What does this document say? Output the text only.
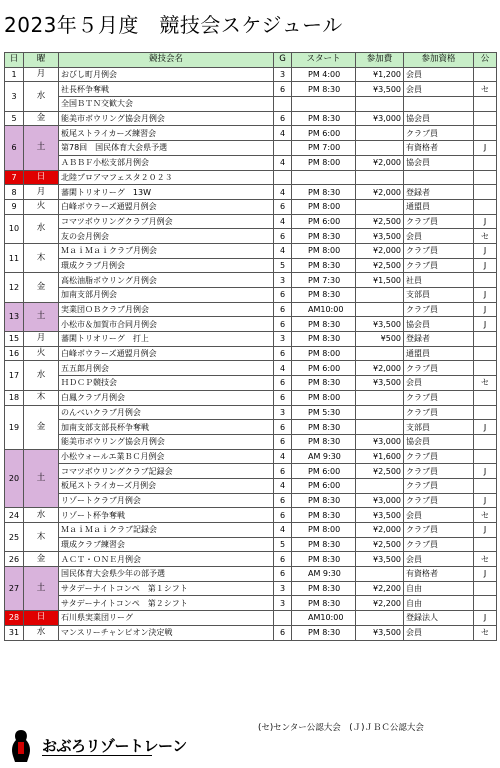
2023年５月度　競技会スケジュール
日	曜	競技会名	G	スタート	参加費	参加資格	公
1	月	おびし町月例会	3	PM 4:00	¥1,200	会員	
3	水	社長杯争奪戦	6	PM 8:30	¥3,500	会員	セ
		全国ＢＴＮ交歓大会					
5	金	能美市ボウリング協会月例会	6	PM 8:30	¥3,000	協会員	
6	土	板尾ストライカーズ練習会	4	PM 6:00		クラブ員	
		第78回　国民体育大会県予選		PM 7:00		有資格者	J
		ＡＢＢＦ小松支部月例会	4	PM 8:00	¥2,000	協会員	
7	日	北陸プロアマフェスタ２０２３					
8	月	蕃閑トリオリーグ　13W	4	PM 8:30	¥2,000	登録者	
9	火	白峰ボウラーズ通盟月例会	6	PM 8:00		通盟員	
10	水	コマツボウリングクラブ月例会	4	PM 6:00	¥2,500	クラブ員	J
		友の会月例会	6	PM 8:30	¥3,500	会員	セ
11	木	ＭａｉＭａｉクラブ月例会	4	PM 8:00	¥2,000	クラブ員	J
		環成クラブ月例会	5	PM 8:30	¥2,500	クラブ員	J
12	金	高松油脂ボウリング月例会	3	PM 7:30	¥1,500	社員	
		加南支部月例会	6	PM 8:30		支部員	J
13	土	実業団ＯＢクラブ月例会	6	AM10:00		クラブ員	J
		小松市＆加賀市合同月例会	6	PM 8:30	¥3,500	協会員	J
15	月	蕃閑トリオリーグ　打上	3	PM 8:30	¥500	登録者	
16	火	白峰ボウラーズ通盟月例会	6	PM 8:00		通盟員	
17	水	五五郎月例会	4	PM 6:00	¥2,000	クラブ員	
		ＨＤＣＰ競技会	6	PM 8:30	¥3,500	会員	セ
18	木	白鳳クラブ月例会	6	PM 8:00		クラブ員	
19	金	のんべいクラブ月例会	3	PM 5:30		クラブ員	
		加南支部支部長杯争奪戦	6	PM 8:30		支部員	J
		能美市ボウリング協会月例会	6	PM 8:30	¥3,000	協会員	
20	土	小松ウォールエ業ＢＣ月例会	4	AM 9:30	¥1,600	クラブ員	
		コマツボウリングクラブ記録会	6	PM 6:00	¥2,500	クラブ員	J
		板尾ストライカーズ月例会	4	PM 6:00		クラブ員	
		リゾートクラブ月例会	6	PM 8:30	¥3,000	クラブ員	J
24	水	リゾート杯争奪戦	6	PM 8:30	¥3,500	会員	セ
25	木	ＭａｉＭａｉクラブ記録会	4	PM 8:00	¥2,000	クラブ員	J
		環成クラブ練習会	5	PM 8:30	¥2,500	クラブ員	
26	金	ＡＣＴ・ＯＮＥ月例会	6	PM 8:30	¥3,500	会員	セ
27	土	国民体育大会県少年の部予選	6	AM 9:30		有資格者	J
		サタデーナイトコンペ　第１シフト	3	PM 8:30	¥2,200	自由	
		サタデーナイトコンペ　第２シフト	3	PM 8:30	¥2,200	自由	
28	日	石川県実業団リーグ		AM10:00		登録法人	J
31	水	マンスリーチャンピオン決定戦	6	PM 8:30	¥3,500	会員	セ
(セ)センター公認大会　(Ｊ)ＪＢＣ公認大会
おぶろリゾートレーン
